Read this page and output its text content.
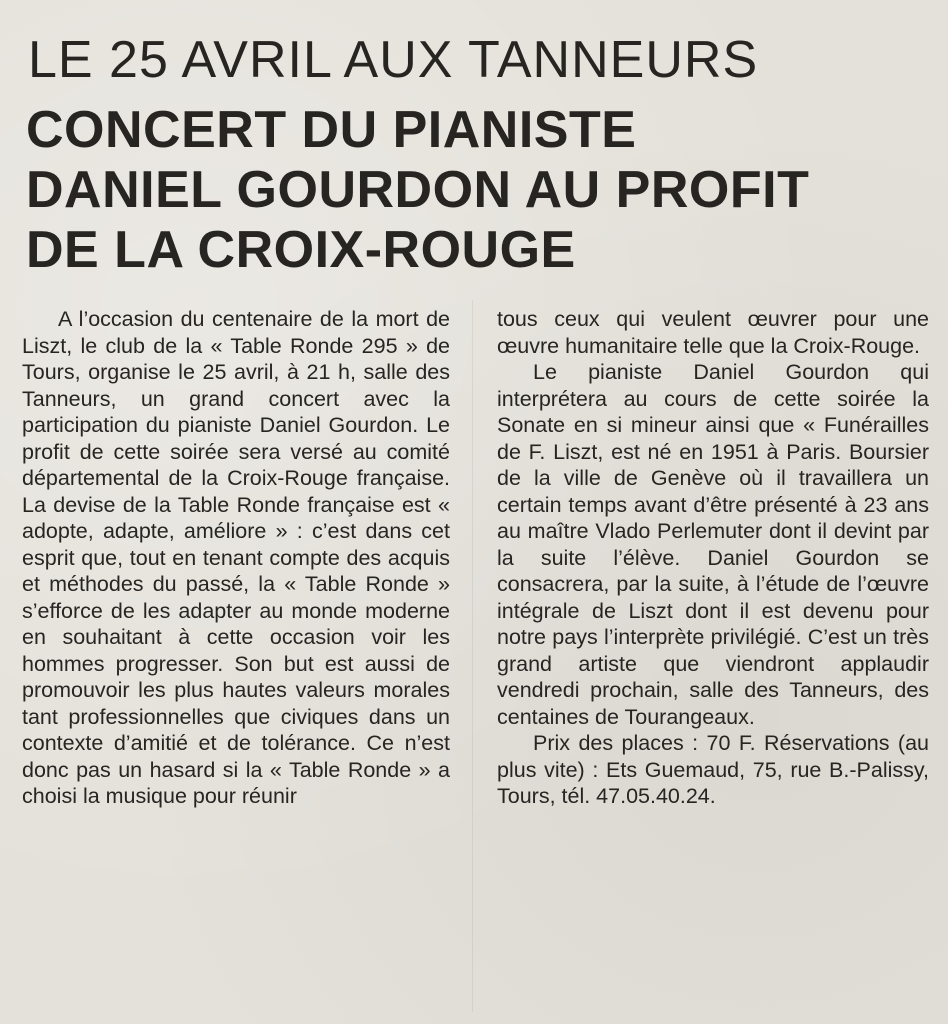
LE 25 AVRIL AUX TANNEURS
CONCERT DU PIANISTE
DANIEL GOURDON AU PROFIT
DE LA CROIX-ROUGE

A l’occasion du centenaire de la mort de Liszt, le club de la « Table Ronde 295 » de Tours, organise le 25 avril, à 21 h, salle des Tanneurs, un grand concert avec la participation du pianiste Daniel Gourdon. Le profit de cette soirée sera versé au comité départemental de la Croix-Rouge française. La devise de la Table Ronde française est « adopte, adapte, améliore » : c’est dans cet esprit que, tout en tenant compte des acquis et méthodes du passé, la « Table Ronde » s’efforce de les adapter au monde moderne en souhaitant à cette occasion voir les hommes progresser. Son but est aussi de promouvoir les plus hautes valeurs morales tant professionnelles que civiques dans un contexte d’amitié et de tolérance. Ce n’est donc pas un hasard si la « Table Ronde » a choisi la musique pour réunir

tous ceux qui veulent œuvrer pour une œuvre humanitaire telle que la Croix-Rouge.

Le pianiste Daniel Gourdon qui interprétera au cours de cette soirée la Sonate en si mineur ainsi que « Funérailles de F. Liszt, est né en 1951 à Paris. Boursier de la ville de Genève où il travaillera un certain temps avant d’être présenté à 23 ans au maître Vlado Perlemuter dont il devint par la suite l’élève. Daniel Gourdon se consacrera, par la suite, à l’étude de l’œuvre intégrale de Liszt dont il est devenu pour notre pays l’interprète privilégié. C’est un très grand artiste que viendront applaudir vendredi prochain, salle des Tanneurs, des centaines de Tourangeaux.

Prix des places : 70 F. Réservations (au plus vite) : Ets Guemaud, 75, rue B.-Palissy, Tours, tél. 47.05.40.24.
